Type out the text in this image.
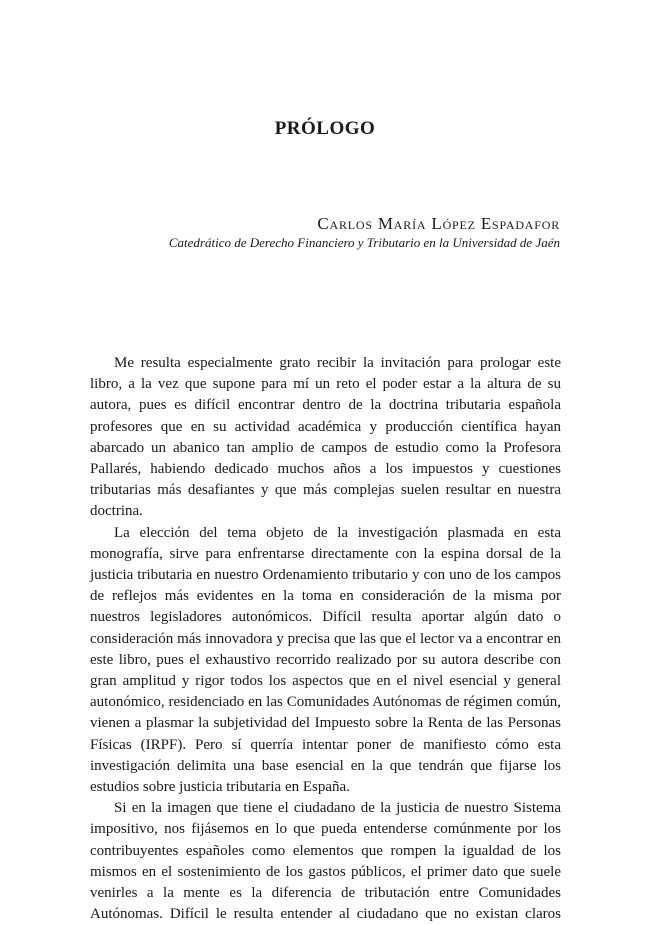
PRÓLOGO
Carlos María López Espadafor
Catedrático de Derecho Financiero y Tributario en la Universidad de Jaén

Me resulta especialmente grato recibir la invitación para prologar este libro, a la vez que supone para mí un reto el poder estar a la altura de su autora, pues es difícil encontrar dentro de la doctrina tributaria española profesores que en su actividad académica y producción científica hayan abarcado un abanico tan amplio de campos de estudio como la Profesora Pallarés, habiendo dedicado muchos años a los impuestos y cuestiones tributarias más desafiantes y que más complejas suelen resultar en nuestra doctrina.

La elección del tema objeto de la investigación plasmada en esta monografía, sirve para enfrentarse directamente con la espina dorsal de la justicia tributaria en nuestro Ordenamiento tributario y con uno de los campos de reflejos más evidentes en la toma en consideración de la misma por nuestros legisladores autonómicos. Difícil resulta aportar algún dato o consideración más innovadora y precisa que las que el lector va a encontrar en este libro, pues el exhaustivo recorrido realizado por su autora describe con gran amplitud y rigor todos los aspectos que en el nivel esencial y general autonómico, residenciado en las Comunidades Autónomas de régimen común, vienen a plasmar la subjetividad del Impuesto sobre la Renta de las Personas Físicas (IRPF). Pero sí querría intentar poner de manifiesto cómo esta investigación delimita una base esencial en la que tendrán que fijarse los estudios sobre justicia tributaria en España.

Si en la imagen que tiene el ciudadano de la justicia de nuestro Sistema impositivo, nos fijásemos en lo que pueda entenderse comúnmente por los contribuyentes españoles como elementos que rompen la igualdad de los mismos en el sostenimiento de los gastos públicos, el primer dato que suele venirles a la mente es la diferencia de tributación entre Comunidades Autónomas. Difícil le resulta entender al ciudadano que no existan claros
